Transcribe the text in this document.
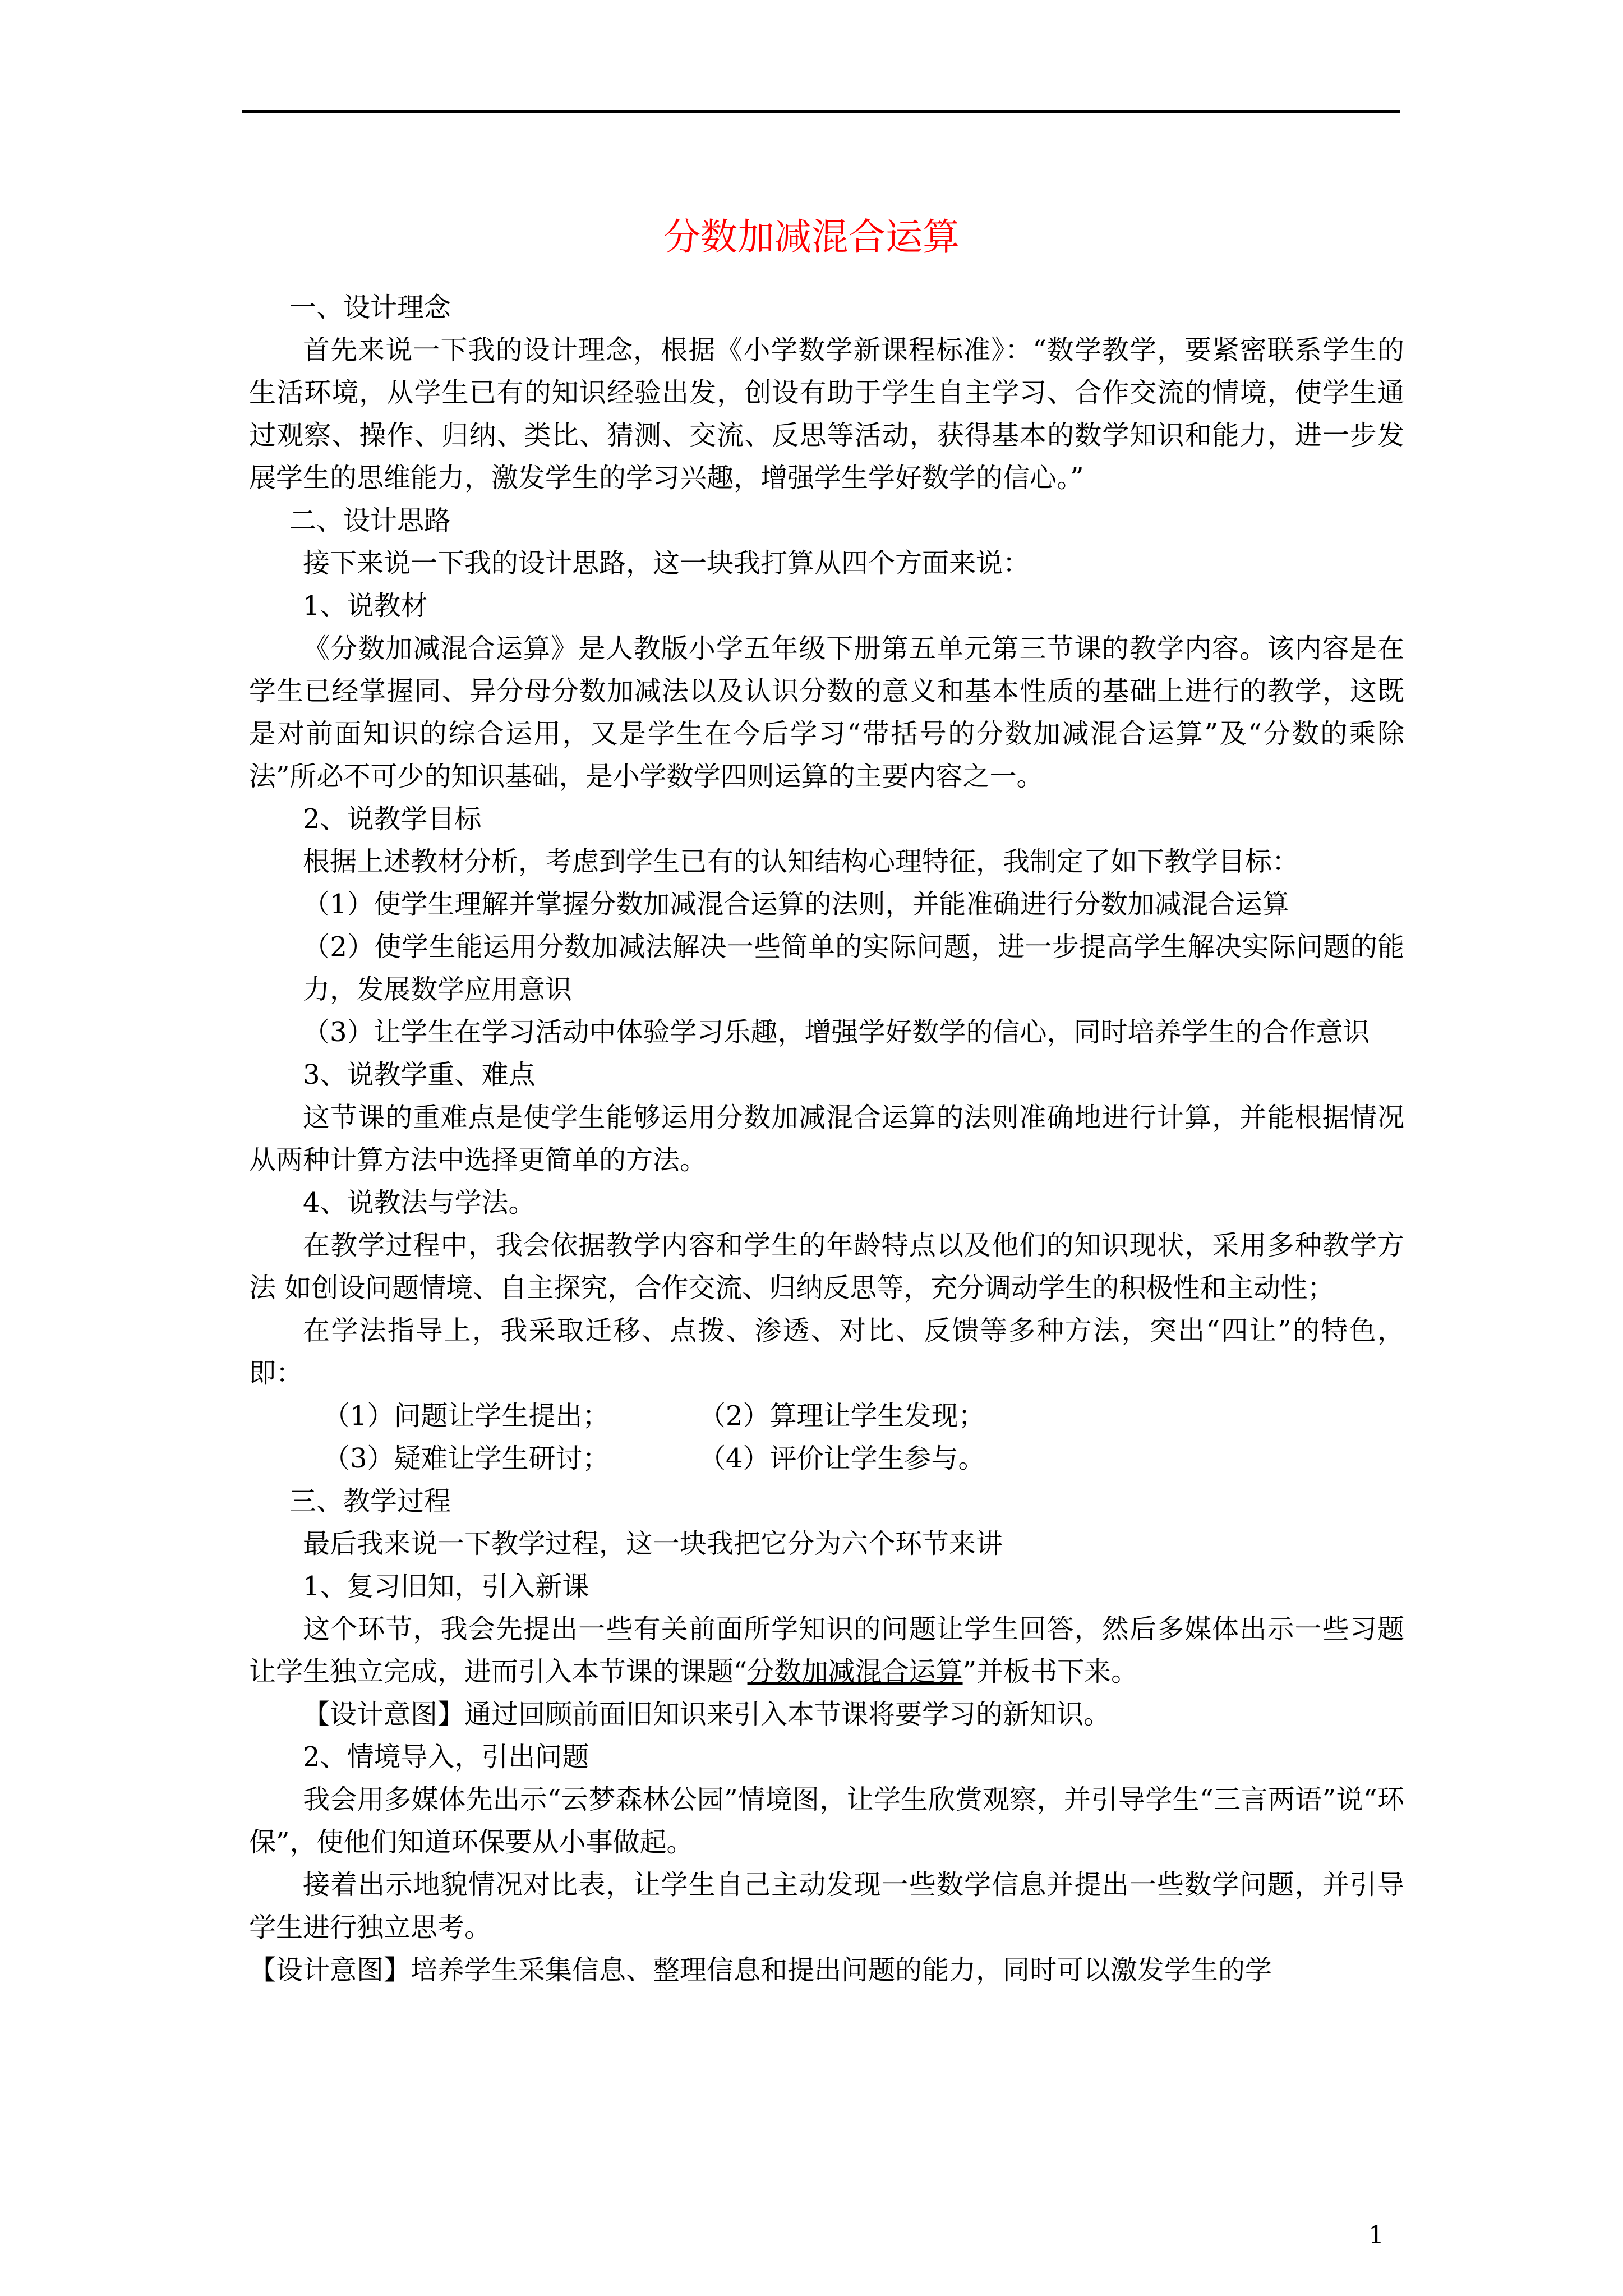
分数加减混合运算

一、设计理念

首先来说一下我的设计理念，根据《小学数学新课程标准》：“数学教学，要紧密联系学生的生活环境，从学生已有的知识经验出发，创设有助于学生自主学习、合作交流的情境，使学生通过观察、操作、归纳、类比、猜测、交流、反思等活动，获得基本的数学知识和能力，进一步发展学生的思维能力，激发学生的学习兴趣，增强学生学好数学的信心。”

二、设计思路

接下来说一下我的设计思路，这一块我打算从四个方面来说：

1、说教材

《分数加减混合运算》是人教版小学五年级下册第五单元第三节课的教学内容。该内容是在学生已经掌握同、异分母分数加减法以及认识分数的意义和基本性质的基础上进行的教学，这既是对前面知识的综合运用，又是学生在今后学习“带括号的分数加减混合运算”及“分数的乘除法”所必不可少的知识基础，是小学数学四则运算的主要内容之一。

2、说教学目标

根据上述教材分析，考虑到学生已有的认知结构心理特征，我制定了如下教学目标：

（1）使学生理解并掌握分数加减混合运算的法则，并能准确进行分数加减混合运算

（2）使学生能运用分数加减法解决一些简单的实际问题，进一步提高学生解决实际问题的能力，发展数学应用意识

（3）让学生在学习活动中体验学习乐趣，增强学好数学的信心，同时培养学生的合作意识

3、说教学重、难点

这节课的重难点是使学生能够运用分数加减混合运算的法则准确地进行计算，并能根据情况从两种计算方法中选择更简单的方法。

4、说教法与学法。

在教学过程中，我会依据教学内容和学生的年龄特点以及他们的知识现状，采用多种教学方法 如创设问题情境、自主探究，合作交流、归纳反思等，充分调动学生的积极性和主动性；

在学法指导上，我采取迁移、点拨、渗透、对比、反馈等多种方法，突出“四让”的特色，即：

（1）问题让学生提出；	（2）算理让学生发现；
（3）疑难让学生研讨；	（4）评价让学生参与。

三、教学过程

最后我来说一下教学过程，这一块我把它分为六个环节来讲

1、复习旧知，引入新课

这个环节，我会先提出一些有关前面所学知识的问题让学生回答，然后多媒体出示一些习题让学生独立完成，进而引入本节课的课题“分数加减混合运算”并板书下来。

【设计意图】通过回顾前面旧知识来引入本节课将要学习的新知识。

2、情境导入，引出问题

我会用多媒体先出示“云梦森林公园”情境图，让学生欣赏观察，并引导学生“三言两语”说“环保”，使他们知道环保要从小事做起。

接着出示地貌情况对比表，让学生自己主动发现一些数学信息并提出一些数学问题，并引导学生进行独立思考。

【设计意图】培养学生采集信息、整理信息和提出问题的能力，同时可以激发学生的学

1
